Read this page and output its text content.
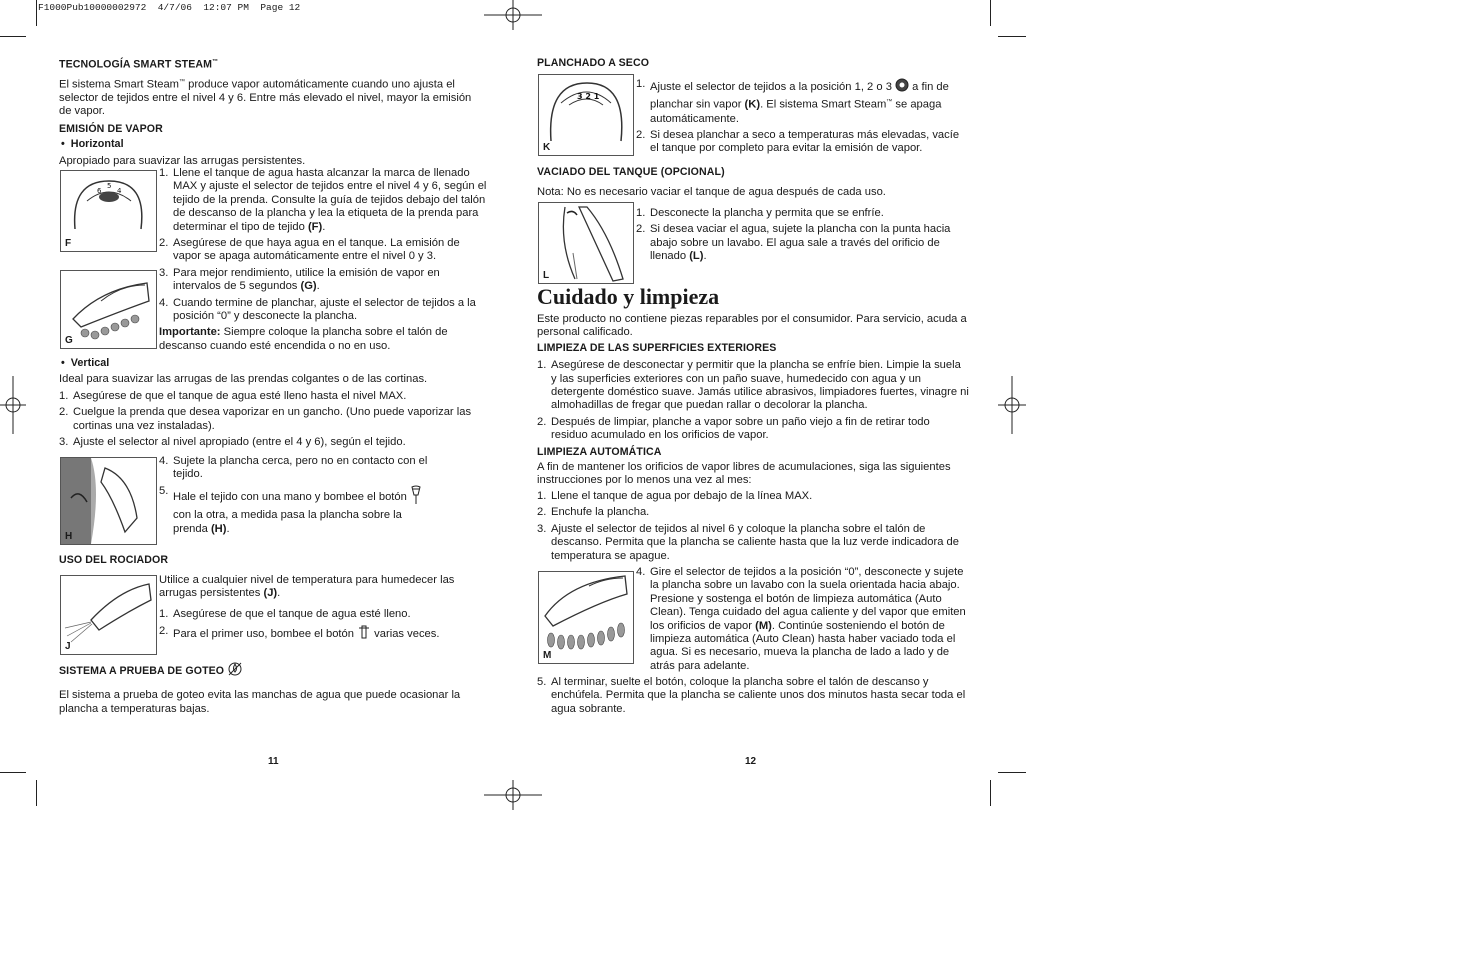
F1000Pub10000002972  4/7/06  12:07 PM  Page 12

TECNOLOGÍA SMART STEAM™

El sistema Smart Steam™ produce vapor automáticamente cuando uno ajusta el selector de tejidos entre el nivel 4 y 6. Entre más elevado el nivel, mayor la emisión de vapor.

EMISIÓN DE VAPOR

• Horizontal

Apropiado para suavizar las arrugas persistentes.

6
5
4
F

1. Llene el tanque de agua hasta alcanzar la marca de llenado MAX y ajuste el selector de tejidos entre el nivel 4 y 6, según el tejido de la prenda. Consulte la guía de tejidos debajo del talón de descanso de la plancha y lea la etiqueta de la prenda para determinar el tipo de tejido (F).

2. Asegúrese de que haya agua en el tanque. La emisión de vapor se apaga automáticamente entre el nivel 0 y 3.

3. Para mejor rendimiento, utilice la emisión de vapor en intervalos de 5 segundos (G).

4. Cuando termine de planchar, ajuste el selector de tejidos a la posición “0” y desconecte la plancha.

Importante: Siempre coloque la plancha sobre el talón de descanso cuando esté encendida o no en uso.

G

• Vertical

Ideal para suavizar las arrugas de las prendas colgantes o de las cortinas.

1. Asegúrese de que el tanque de agua esté lleno hasta el nivel MAX.

2. Cuelgue la prenda que desea vaporizar en un gancho. (Uno puede vaporizar las cortinas una vez instaladas).

3. Ajuste el selector al nivel apropiado (entre el 4 y 6), según el tejido.

H

4. Sujete la plancha cerca, pero no en contacto con el tejido.

5.
Hale el tejido con una mano y bombee el botón  con la otra, a medida pasa la plancha sobre la prenda (H).

USO DEL ROCIADOR

J

Utilice a cualquier nivel de temperatura para humedecer las arrugas persistentes (J).

1. Asegúrese de que el tanque de agua esté lleno.

2. Para el primer uso, bombee el botón  varias veces.

SISTEMA A PRUEBA DE GOTEO

El sistema a prueba de goteo evita las manchas de agua que puede ocasionar la plancha a temperaturas bajas.

11

PLANCHADO A SECO

3 2 1
K

1. Ajuste el selector de tejidos a la posición 1, 2 o 3  a fin de planchar sin vapor (K). El sistema Smart Steam™ se apaga automáticamente.

2. Si desea planchar a seco a temperaturas más elevadas, vacíe el tanque por completo para evitar la emisión de vapor.

VACIADO DEL TANQUE (OPCIONAL)

Nota: No es necesario vaciar el tanque de agua después de cada uso.

L

1. Desconecte la plancha y permita que se enfríe.

2. Si desea vaciar el agua, sujete la plancha con la punta hacia abajo sobre un lavabo. El agua sale a través del orificio de llenado (L).

Cuidado y limpieza

Este producto no contiene piezas reparables por el consumidor. Para servicio, acuda a personal calificado.

LIMPIEZA DE LAS SUPERFICIES EXTERIORES

1. Asegúrese de desconectar y permitir que la plancha se enfríe bien. Limpie la suela y las superficies exteriores con un paño suave, humedecido con agua y un detergente doméstico suave. Jamás utilice abrasivos, limpiadores fuertes, vinagre ni almohadillas de fregar que puedan rallar o decolorar la plancha.

2. Después de limpiar, planche a vapor sobre un paño viejo a fin de retirar todo residuo acumulado en los orificios de vapor.

LIMPIEZA AUTOMÁTICA

A fin de mantener los orificios de vapor libres de acumulaciones, siga las siguientes instrucciones por lo menos una vez al mes:

1. Llene el tanque de agua por debajo de la línea MAX.

2. Enchufe la plancha.

3. Ajuste el selector de tejidos al nivel 6 y coloque la plancha sobre el talón de descanso. Permita que la plancha se caliente hasta que la luz verde indicadora de temperatura se apague.

M

4. Gire el selector de tejidos a la posición “0”, desconecte y sujete la plancha sobre un lavabo con la suela orientada hacia abajo. Presione y sostenga el botón de limpieza automática (Auto Clean). Tenga cuidado del agua caliente y del vapor que emiten los orificios de vapor (M). Continúe sosteniendo el botón de limpieza automática (Auto Clean) hasta haber vaciado toda el agua. Si es necesario, mueva la plancha de lado a lado y de atrás para adelante.

5. Al terminar, suelte el botón, coloque la plancha sobre el talón de descanso y enchúfela. Permita que la plancha se caliente unos dos minutos hasta secar toda el agua sobrante.

12
